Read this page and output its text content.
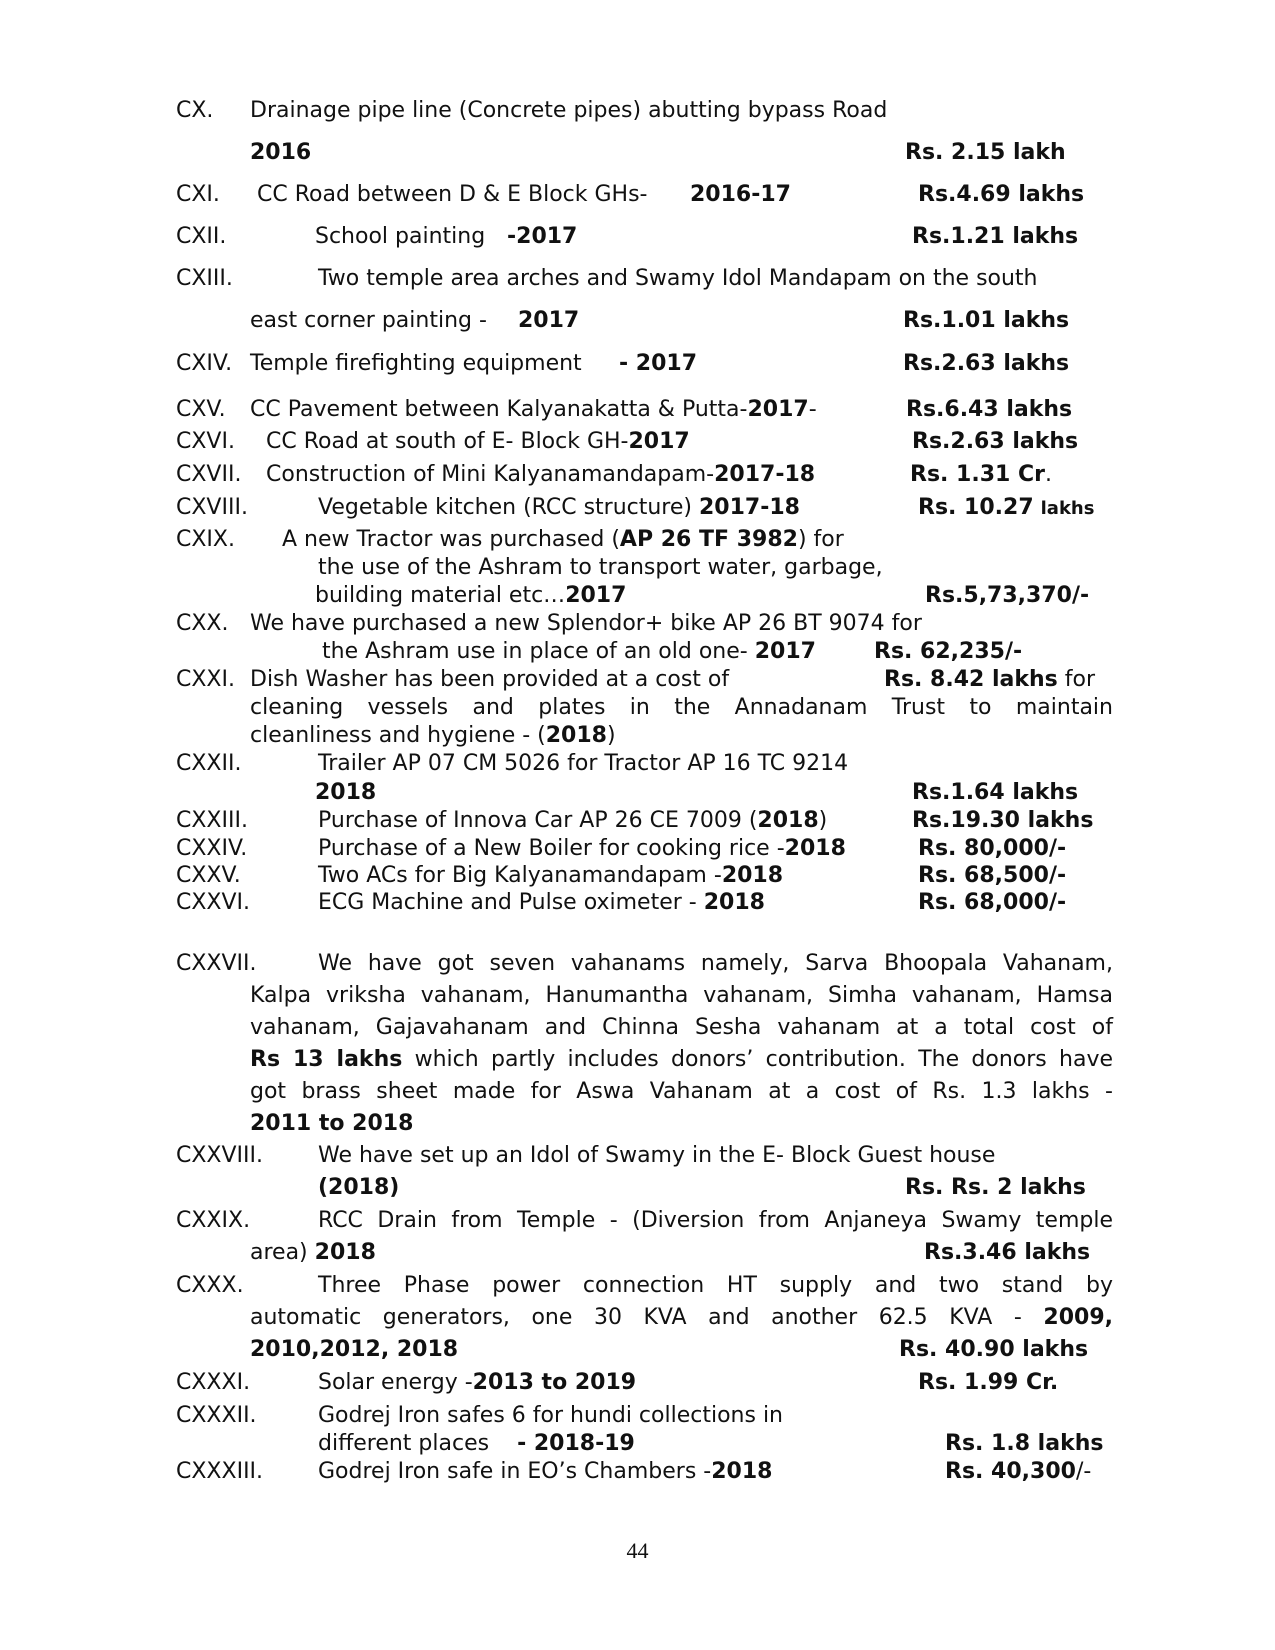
CX. Drainage pipe line (Concrete pipes) abutting bypass Road
2016	Rs. 2.15 lakh
CXI. CC Road between D & E Block GHs- 2016-17	Rs.4.69 lakhs
CXII.	School painting -2017	Rs.1.21 lakhs
CXIII.	Two temple area arches and Swamy Idol Mandapam on the south
east corner painting - 2017	Rs.1.01 lakhs
CXIV. Temple firefighting equipment - 2017	Rs.2.63 lakhs
CXV. CC Pavement between Kalyanakatta & Putta-2017-	Rs.6.43 lakhs
CXVI. CC Road at south of E- Block GH-2017	Rs.2.63 lakhs
CXVII. Construction of Mini Kalyanamandapam-2017-18	Rs. 1.31 Cr.
CXVIII.	Vegetable kitchen (RCC structure) 2017-18	Rs. 10.27 lakhs
CXIX. A new Tractor was purchased (AP 26 TF 3982) for
the use of the Ashram to transport water, garbage,
building material etc…2017	Rs.5,73,370/-
CXX. We have purchased a new Splendor+ bike AP 26 BT 9074 for
the Ashram use in place of an old one- 2017	Rs. 62,235/-
CXXI. Dish Washer has been provided at a cost of	Rs. 8.42 lakhs for
cleaning vessels and plates in the Annadanam Trust to maintain
cleanliness and hygiene - (2018)
CXXII.	Trailer AP 07 CM 5026 for Tractor AP 16 TC 9214
2018	Rs.1.64 lakhs
CXXIII.	Purchase of Innova Car AP 26 CE 7009 (2018)	Rs.19.30 lakhs
CXXIV.	Purchase of a New Boiler for cooking rice -2018	Rs. 80,000/-
CXXV.	Two ACs for Big Kalyanamandapam -2018	Rs. 68,500/-
CXXVI.	ECG Machine and Pulse oximeter - 2018	Rs. 68,000/-
CXXVII.	We have got seven vahanams namely, Sarva Bhoopala Vahanam,
Kalpa vriksha vahanam, Hanumantha vahanam, Simha vahanam, Hamsa
vahanam, Gajavahanam and Chinna Sesha vahanam at a total cost of
Rs 13 lakhs which partly includes donors’ contribution. The donors have
got brass sheet made for Aswa Vahanam at a cost of Rs. 1.3 lakhs -
2011 to 2018
CXXVIII. We have set up an Idol of Swamy in the E- Block Guest house
(2018)	Rs. Rs. 2 lakhs
CXXIX.	RCC Drain from Temple - (Diversion from Anjaneya Swamy temple
area) 2018	Rs.3.46 lakhs
CXXX.	Three Phase power connection HT supply and two stand by
automatic generators, one 30 KVA and another 62.5 KVA - 2009,
2010,2012, 2018	Rs. 40.90 lakhs
CXXXI.	Solar energy -2013 to 2019	Rs. 1.99 Cr.
CXXXII.	Godrej Iron safes 6 for hundi collections in
different places - 2018-19	Rs. 1.8 lakhs
CXXXIII. Godrej Iron safe in EO’s Chambers -2018	Rs. 40,300/-
44
